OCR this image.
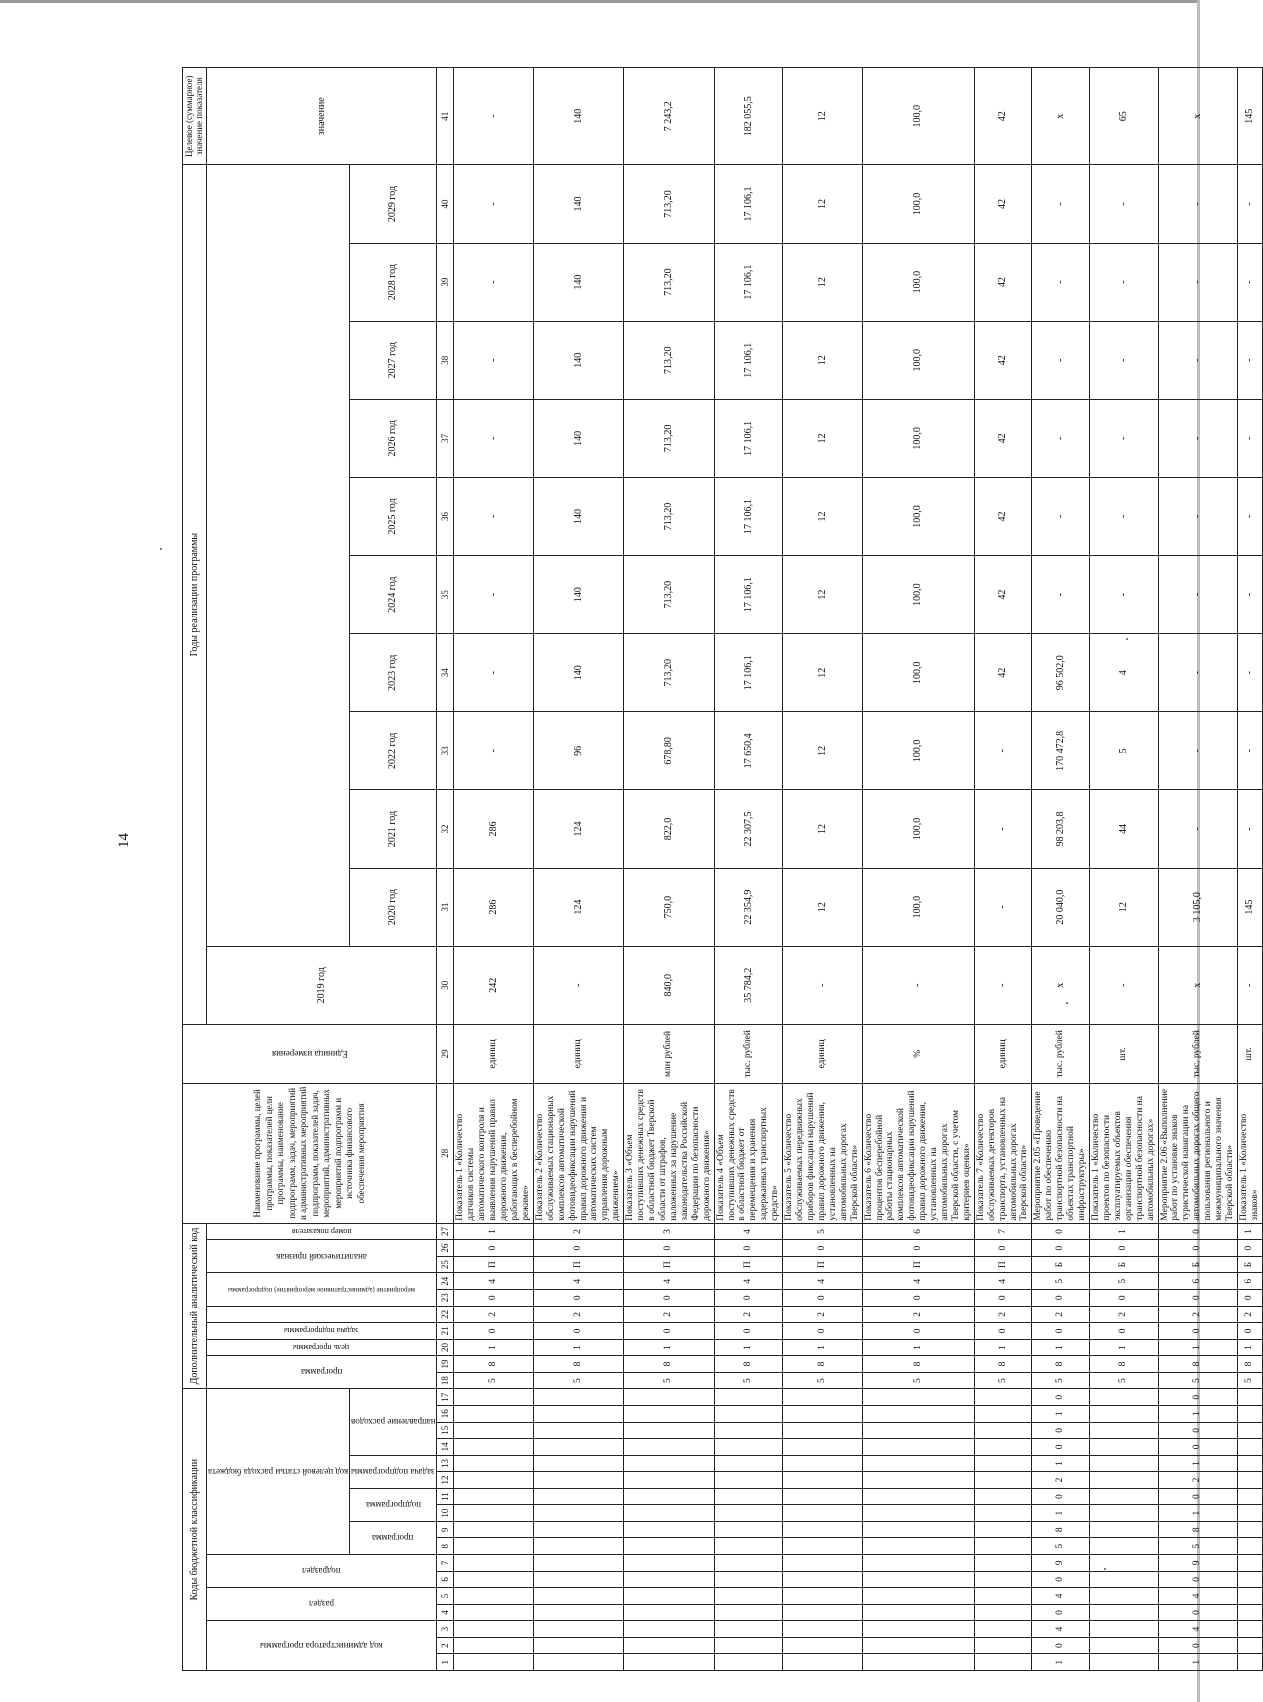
14
Коды бюджетной классификации																	Дополнительный аналитический код										Наименование программы, целей программы, показателей цели программы, наименование подпрограмм, задач, мероприятий и административных мероприятий подпрограмм, показателей задач, мероприятий, административных мероприятий подпрограмм и источника финансового обеспечения мероприятия	Единица измерения	Годы реализации программы											Целевое (суммарное) значение показателя

код администратора программы			раздел		подраздел		код целевой статьи расхода бюджета										программа		цель программы	задача подпрограммы		мероприятие (административное мероприятие) подпрограммы		аналитический признак		номер показателя			2019 год											значение

							программа		подпрограмма		задача подпрограммы		направление расходов																	2020 год	2021 год	2022 год	2023 год	2024 год	2025 год	2026 год	2027 год	2028 год	2029 год	
1	2	3	4	5	6	7	8	9	10	11	12	13	14	15	16	17	18	19	20	21	22	23	24	25	26	27	28	29	30	31	32	33	34	35	36	37	38	39	40	41
																	5	8	1	0	2	0	4	П	0	1	Показатель 1 «Количество датчиков системы автоматического контроля и выявления нарушений правил дорожного движения, работающих в бесперебойном режиме»	единиц	242	286	286	-	-	-	-	-	-	-	-	-
																	5	8	1	0	2	0	4	П	0	2	Показатель 2 «Количество обслуживаемых стационарных комплексов автоматической фотовидеофиксации нарушений правил дорожного движения и автоматических систем управления дорожным движением»	единиц	-	124	124	96	140	140	140	140	140	140	140	140
																	5	8	1	0	2	0	4	П	0	3	Показатель 3 «Объем поступивших денежных средств в областной бюджет Тверской области от штрафов, наложенных за нарушение законодательства Российской Федерации по безопасности дорожного движения»	млн рублей	840,0	750,0	822,0	678,80	713,20	713,20	713,20	713,20	713,20	713,20	713,20	7 243,2
																	5	8	1	0	2	0	4	П	0	4	Показатель 4 «Объем поступивших денежных средств в областной бюджет от перемещения и хранения задержанных транспортных средств»	тыс. рублей	35 784,2	22 354,9	22 307,5	17 650,4	17 106,1	17 106,1	17 106,1	17 106,1	17 106,1	17 106,1	17 106,1	182 055,5
																	5	8	1	0	2	0	4	П	0	5	Показатель 5 «Количество обслуживаемых передвижных приборов фиксации нарушений правил дорожного движения, установленных на автомобильных дорогах Тверской области»	единиц	-	12	12	12	12	12	12	12	12	12	12	12
																	5	8	1	0	2	0	4	П	0	6	Показатель 6 «Количество процентов бесперебойной работы стационарных комплексов автоматической фотовидеофиксации нарушений правил дорожного движения, установленных на автомобильных дорогах Тверской области, с учетом критериев оценки»	%	-	100,0	100,0	100,0	100,0	100,0	100,0	100,0	100,0	100,0	100,0	100,0
																	5	8	1	0	2	0	4	П	0	7	Показатель 7 «Количество обслуживаемых детекторов транспорта, установленных на автомобильных дорогах Тверской области»	единиц	-	-	-	-	42	42	42	42	42	42	42	42
1	0	4	0	4	0	9	5	8	1	0	2	1	0	0	1	0	5	8	1	0	2	0	5	Б	0	0	Мероприятие 2.05 «Проведение работ по обеспечению транспортной безопасности на объектах транспортной инфраструктуры»	тыс. рублей	х	20 040,0	98 203,8	170 472,8	96 502,0	-	-	-	-	-	-	х
																	5	8	1	0	2	0	5	Б	0	1	Показатель 1 «Количество проектов по безопасности эксплуатируемых объектов организации обеспечения транспортной безопасности на автомобильных дорогах»	шт.	-	12	44	5	4	-	-	-	-	-	-	65
1	0	4	0	4	0	9	5	8	1	0	2	1	0	0	1	0	5	8	1	0	2	0	6	Б	0	0	Мероприятие 2.06 «Выполнение работ по установке знаков туристической навигации на автомобильных дорогах общего пользования регионального и межмуниципального значения Тверской области»	тыс. рублей	х	3 105,0	-	-	-	-	-	-	-	-	-	х
																	5	8	1	0	2	0	6	Б	0	1	Показатель 1 «Количество знаков»	шт.	-	145	-	-	-	-	-	-	-	-	-	145
